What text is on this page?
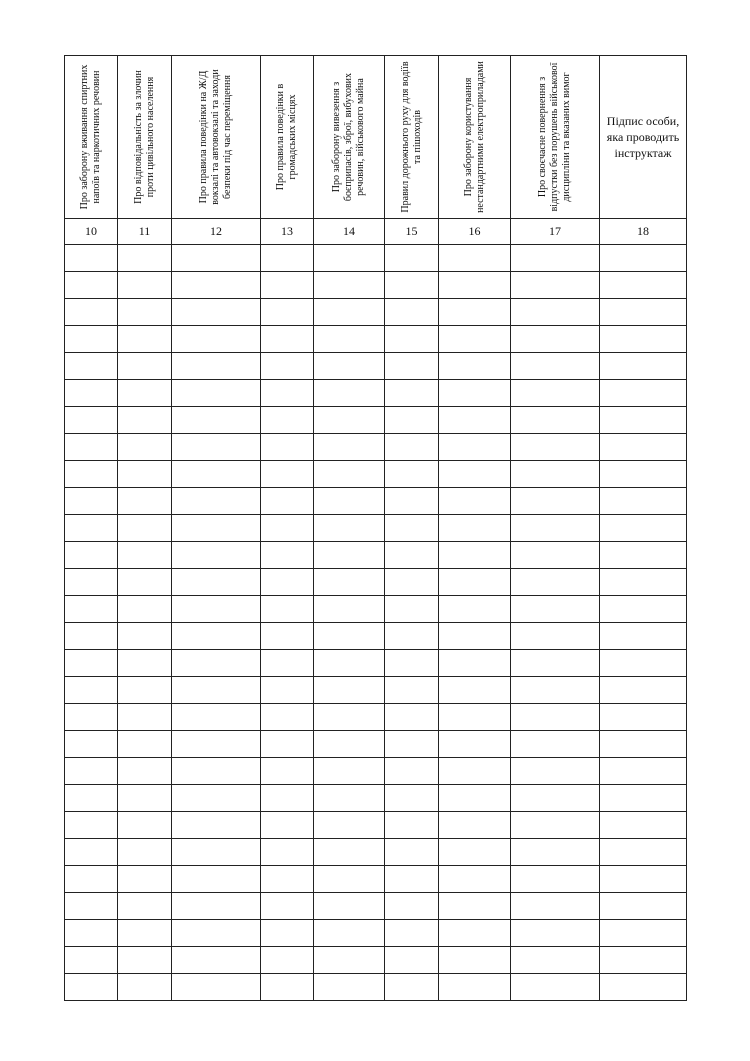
Про заборону вживання спиртних напоїв та наркотичних речовин	Про відповідальність за злочин проти цивільного населення	Про правила поведінки на Ж/Д вокзалі та автовокзалі та заходи безпеки під час переміщення	Про правила поведінки в громадських місцях	Про заборону вивезення з боєприпасів, зброї, вибухових речовин, військового майна	Правил дорожнього руху для водіїв та пішоходів	Про заборону користування нестандартними електроприладами	Про своєчасне повернення з відпустки без порушень військової дисципліни та вказаних вимог	Підпис особи, яка проводить інструктаж

10	11	12	13	14	15	16	17	18
